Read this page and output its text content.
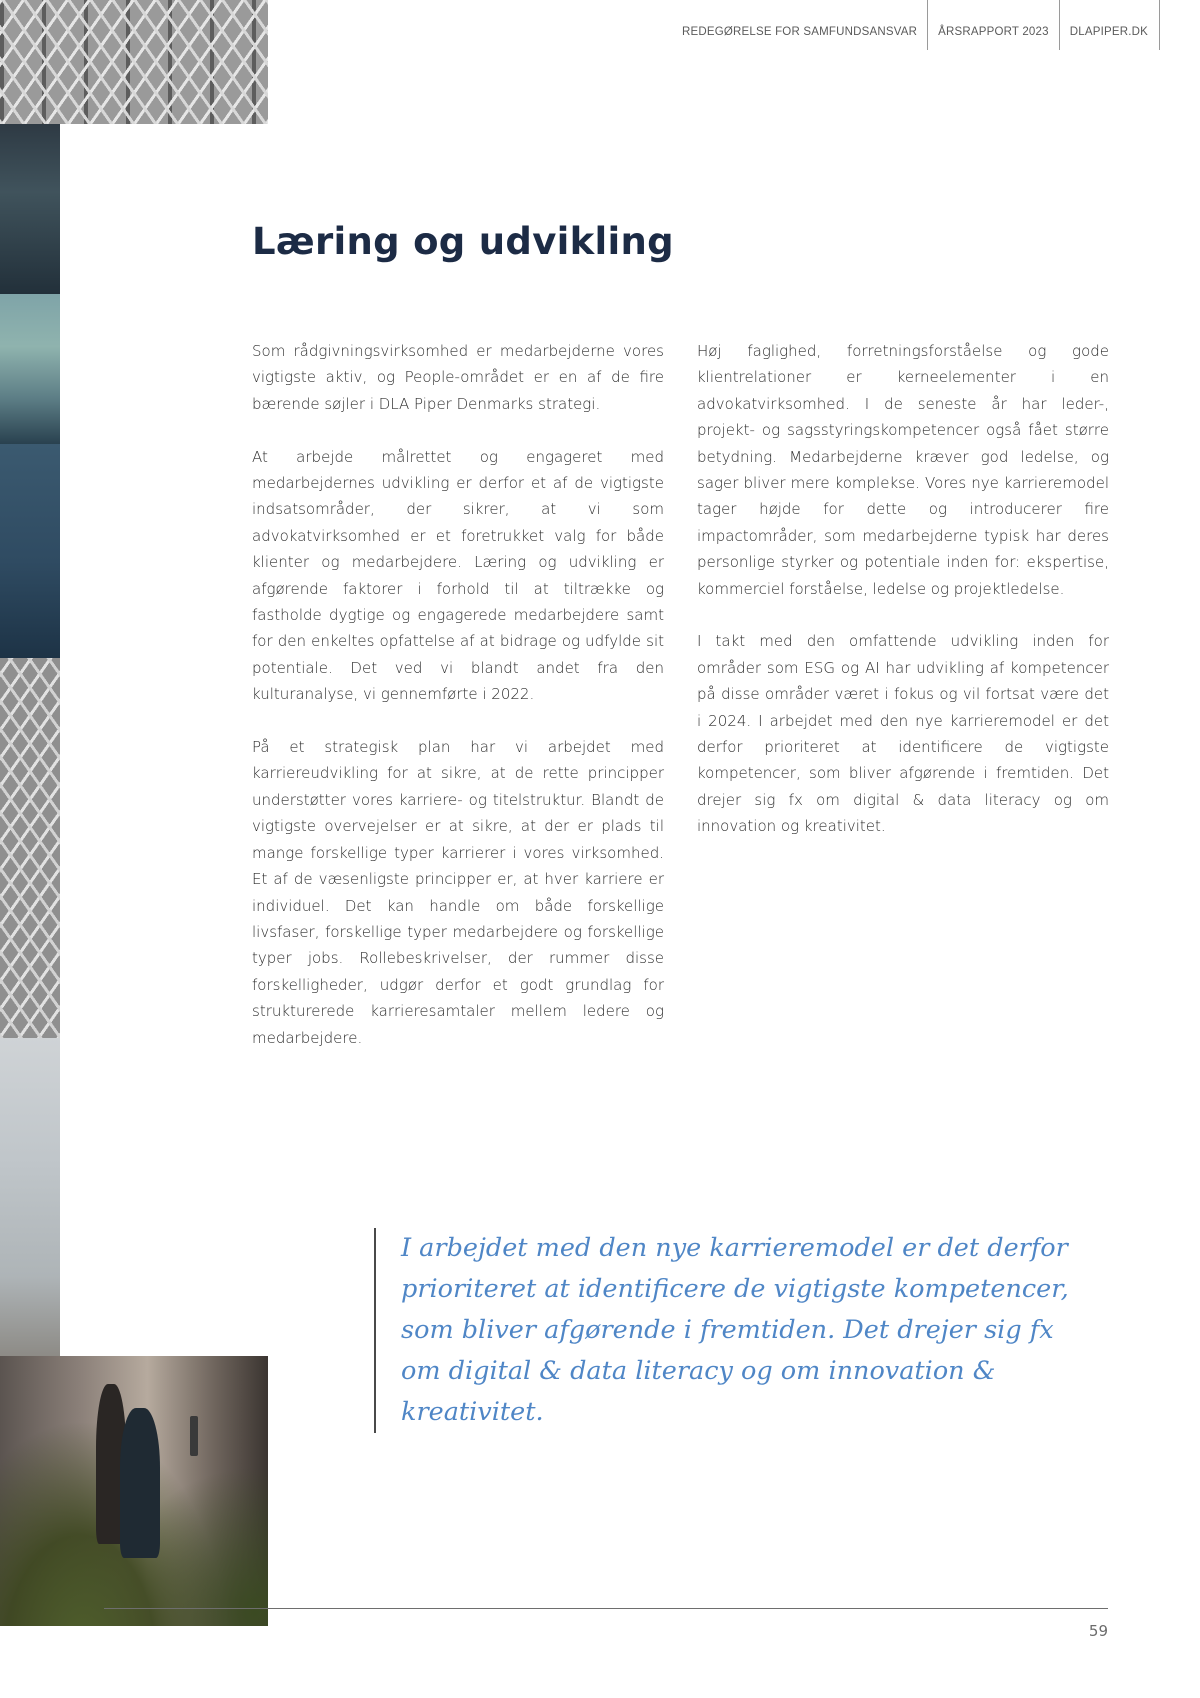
REDEGØRELSE FOR SAMFUNDSANSVAR	ÅRSRAPPORT 2023	DLAPIPER.DK
Læring og udvikling

Som rådgivningsvirksomhed er medarbejderne vores vigtigste aktiv, og People-området er en af de fire bærende søjler i DLA Piper Denmarks strategi.

At arbejde målrettet og engageret med medarbejdernes udvikling er derfor et af de vigtigste indsatsområder, der sikrer, at vi som advokatvirksomhed er et foretrukket valg for både klienter og medarbejdere. Læring og udvikling er afgørende faktorer i forhold til at tiltrække og fastholde dygtige og engagerede medarbejdere samt for den enkeltes opfattelse af at bidrage og udfylde sit potentiale. Det ved vi blandt andet fra den kulturanalyse, vi gennemførte i 2022.

På et strategisk plan har vi arbejdet med karriereudvikling for at sikre, at de rette principper understøtter vores karriere- og titelstruktur. Blandt de vigtigste overvejelser er at sikre, at der er plads til mange forskellige typer karrierer i vores virksomhed. Et af de væsenligste principper er, at hver karriere er individuel. Det kan handle om både forskellige livsfaser, forskellige typer medarbejdere og forskellige typer jobs. Rollebeskrivelser, der rummer disse forskelligheder, udgør derfor et godt grundlag for strukturerede karrieresamtaler mellem ledere og medarbejdere.

Høj faglighed, forretningsforståelse og gode klientrelationer er kerneelementer i en advokatvirksomhed. I de seneste år har leder-, projekt- og sagsstyringskompetencer også fået større betydning. Medarbejderne kræver god ledelse, og sager bliver mere komplekse. Vores nye karrieremodel tager højde for dette og introducerer fire impactområder, som medarbejderne typisk har deres personlige styrker og potentiale inden for: ekspertise, kommerciel forståelse, ledelse og projektledelse.

I takt med den omfattende udvikling inden for områder som ESG og AI har udvikling af kompetencer på disse områder været i fokus og vil fortsat være det i 2024. I arbejdet med den nye karrieremodel er det derfor prioriteret at identificere de vigtigste kompetencer, som bliver afgørende i fremtiden. Det drejer sig fx om digital & data literacy og om innovation og kreativitet.

I arbejdet med den nye karrieremodel er det derfor prioriteret at identificere de vigtigste kompetencer, som bliver afgørende i fremtiden. Det drejer sig fx om digital & data literacy og om innovation & kreativitet.

59
